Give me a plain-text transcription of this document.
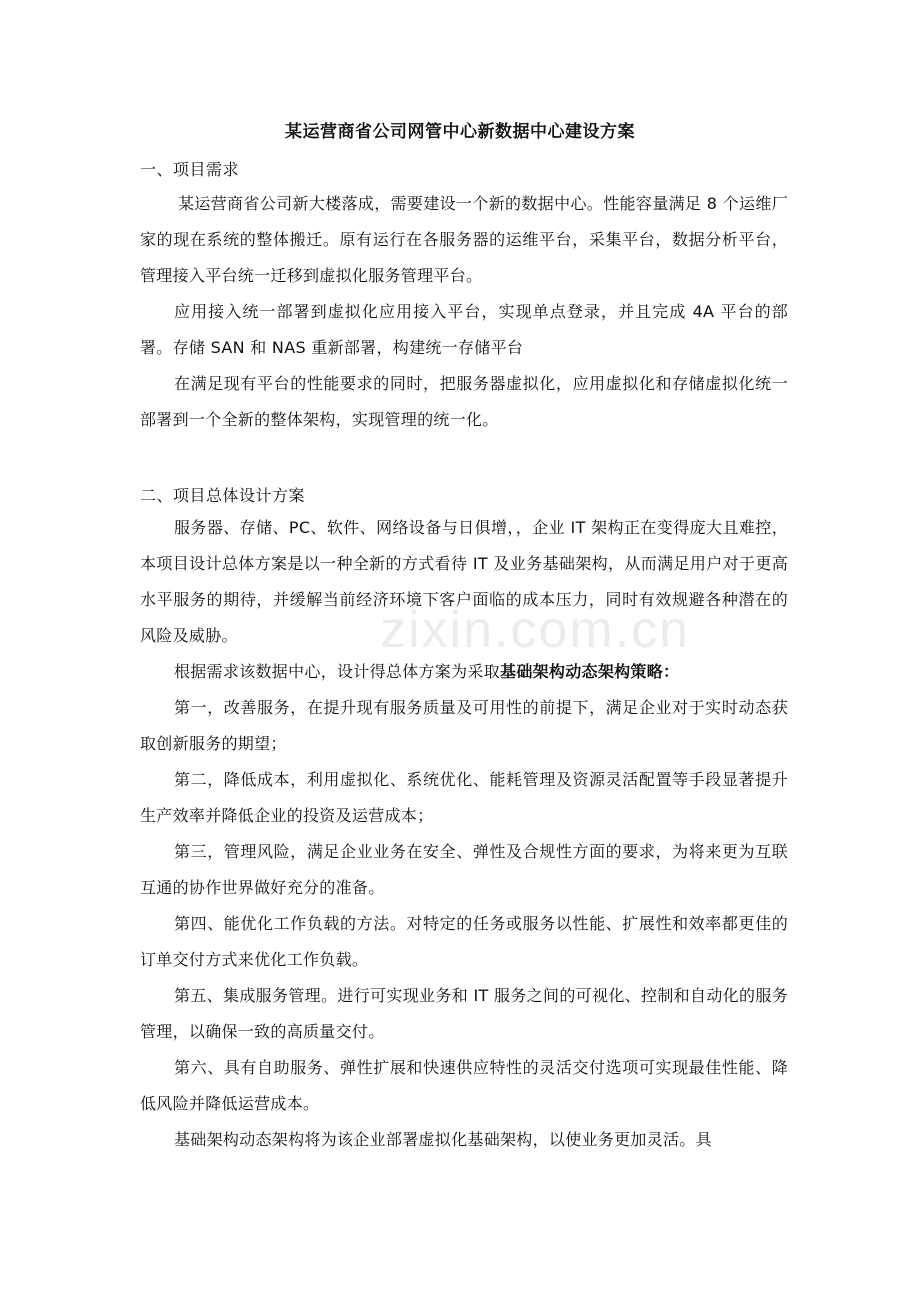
某运营商省公司网管中心新数据中心建设方案
一、项目需求
某运营商省公司新大楼落成，需要建设一个新的数据中心。性能容量满足 8 个运维厂家的现在系统的整体搬迁。原有运行在各服务器的运维平台，采集平台，数据分析平台，管理接入平台统一迁移到虚拟化服务管理平台。
应用接入统一部署到虚拟化应用接入平台，实现单点登录，并且完成 4A 平台的部署。存储 SAN 和 NAS 重新部署，构建统一存储平台
在满足现有平台的性能要求的同时，把服务器虚拟化，应用虚拟化和存储虚拟化统一部署到一个全新的整体架构，实现管理的统一化。
二、项目总体设计方案
服务器、存储、PC、软件、网络设备与日俱增，，企业 IT 架构正在变得庞大且难控，本项目设计总体方案是以一种全新的方式看待 IT 及业务基础架构，从而满足用户对于更高水平服务的期待，并缓解当前经济环境下客户面临的成本压力，同时有效规避各种潜在的风险及威胁。
根据需求该数据中心，设计得总体方案为采取基础架构动态架构策略：
第一，改善服务，在提升现有服务质量及可用性的前提下，满足企业对于实时动态获取创新服务的期望；
第二，降低成本，利用虚拟化、系统优化、能耗管理及资源灵活配置等手段显著提升生产效率并降低企业的投资及运营成本；
第三，管理风险，满足企业业务在安全、弹性及合规性方面的要求，为将来更为互联互通的协作世界做好充分的准备。
第四、能优化工作负载的方法。对特定的任务或服务以性能、扩展性和效率都更佳的订单交付方式来优化工作负载。
第五、集成服务管理。进行可实现业务和 IT 服务之间的可视化、控制和自动化的服务管理，以确保一致的高质量交付。
第六、具有自助服务、弹性扩展和快速供应特性的灵活交付选项可实现最佳性能、降低风险并降低运营成本。
基础架构动态架构将为该企业部署虚拟化基础架构，以使业务更加灵活。具
zixin.com.cn
